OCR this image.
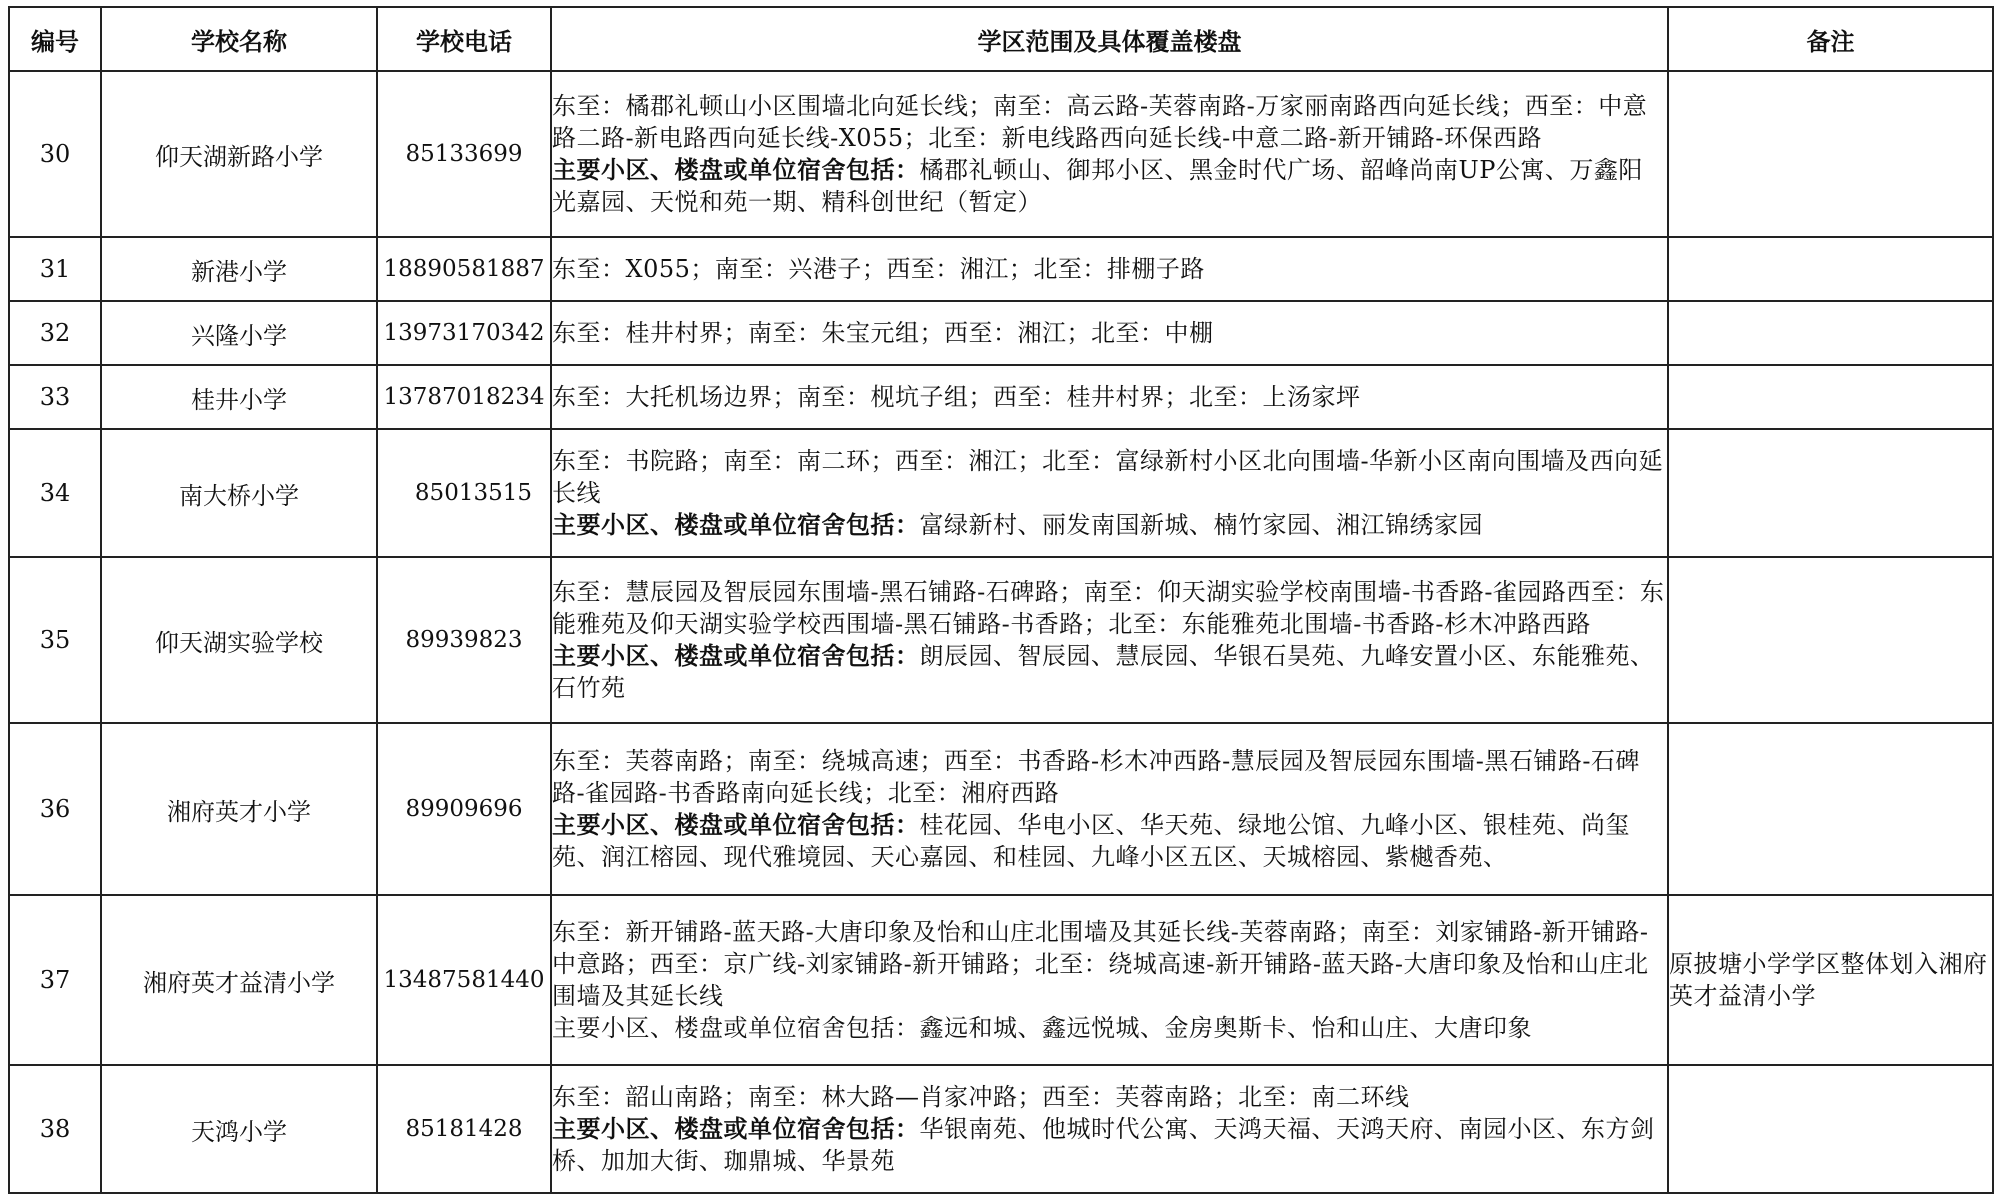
编号	学校名称	学校电话	学区范围及具体覆盖楼盘	备注
30	仰天湖新路小学	85133699	东至：橘郡礼顿山小区围墙北向延长线；南至：高云路-芙蓉南路-万家丽南路西向延长线；西至：中意路二路-新电路西向延长线-X055；北至：新电线路西向延长线-中意二路-新开铺路-环保西路
主要小区、楼盘或单位宿舍包括：橘郡礼顿山、御邦小区、黑金时代广场、韶峰尚南UP公寓、万鑫阳光嘉园、天悦和苑一期、精科创世纪（暂定）	

31	新港小学	18890581887	东至：X055；南至：兴港子；西至：湘江；北至：排棚子路	

32	兴隆小学	13973170342	东至：桂井村界；南至：朱宝元组；西至：湘江；北至：中棚	

33	桂井小学	13787018234	东至：大托机场边界；南至：枧坑子组；西至：桂井村界；北至：上汤家坪	

34	南大桥小学	85013515	东至：书院路；南至：南二环；西至：湘江；北至：富绿新村小区北向围墙-华新小区南向围墙及西向延长线
主要小区、楼盘或单位宿舍包括：富绿新村、丽发南国新城、楠竹家园、湘江锦绣家园	

35	仰天湖实验学校	89939823	东至：慧辰园及智辰园东围墙-黑石铺路-石碑路；南至：仰天湖实验学校南围墙-书香路-雀园路西至：东能雅苑及仰天湖实验学校西围墙-黑石铺路-书香路；北至：东能雅苑北围墙-书香路-杉木冲路西路
主要小区、楼盘或单位宿舍包括：朗辰园、智辰园、慧辰园、华银石昊苑、九峰安置小区、东能雅苑、石竹苑	

36	湘府英才小学	89909696	东至：芙蓉南路；南至：绕城高速；西至：书香路-杉木冲西路-慧辰园及智辰园东围墙-黑石铺路-石碑路-雀园路-书香路南向延长线；北至：湘府西路
主要小区、楼盘或单位宿舍包括：桂花园、华电小区、华天苑、绿地公馆、九峰小区、银桂苑、尚玺苑、润江榕园、现代雅境园、天心嘉园、和桂园、九峰小区五区、天城榕园、紫樾香苑、	

37	湘府英才益清小学	13487581440	东至：新开铺路-蓝天路-大唐印象及怡和山庄北围墙及其延长线-芙蓉南路；南至：刘家铺路-新开铺路-中意路；西至：京广线-刘家铺路-新开铺路；北至：绕城高速-新开铺路-蓝天路-大唐印象及怡和山庄北围墙及其延长线
主要小区、楼盘或单位宿舍包括：鑫远和城、鑫远悦城、金房奥斯卡、怡和山庄、大唐印象	原披塘小学学区整体划入湘府英才益清小学
38	天鸿小学	85181428	东至：韶山南路；南至：林大路—肖家冲路；西至：芙蓉南路；北至：南二环线
主要小区、楼盘或单位宿舍包括：华银南苑、他城时代公寓、天鸿天福、天鸿天府、南园小区、东方剑桥、加加大街、珈鼎城、华景苑	
